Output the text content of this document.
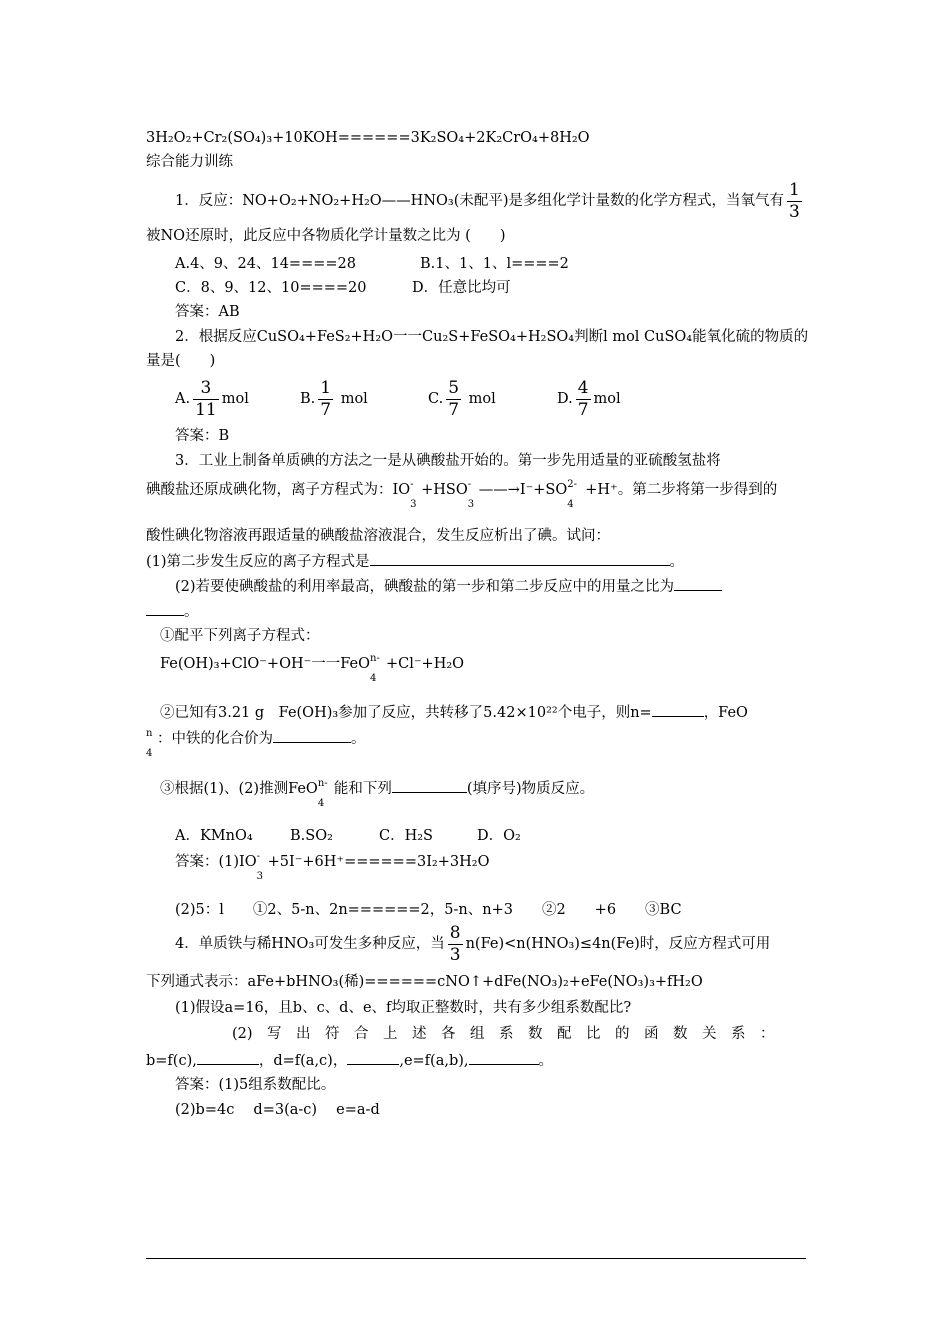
3H₂O₂+Cr₂(SO₄)₃+10KOH======3K₂SO₄+2K₂CrO₄+8H₂O
综合能力训练
1．反应：NO+O₂+NO₂+H₂O——HNO₃(未配平)是多组化学计量数的化学方程式，当氧气有 $\frac{1}{3}$
被NO还原时，此反应中各物质化学计量数之比为 (　　)
A.4、9、24、14====28	B.1、1、1、l====2
C．8、9、12、10====20	D．任意比均可
答案：AB
2．根据反应CuSO₄+FeS₂+H₂O一一Cu₂S+FeSO₄+H₂SO₄判断l mol CuSO₄能氧化硫的物质的
量是(　　)
A. $\frac{3}{11}$ mol	B. $\frac{1}{7}$ mol	C. $\frac{5}{7}$ mol	D. $\frac{4}{7}$ mol
答案：B
3．工业上制备单质碘的方法之一是从碘酸盐开始的。第一步先用适量的亚硫酸氢盐将
碘酸盐还原成碘化物，离子方程式为：IO -
3
+HSO -
3
——→I⁻+SO 2-
4
+H⁺。第二步将第一步得到的
酸性碘化物溶液再跟适量的碘酸盐溶液混合，发生反应析出了碘。试问：
(1)第二步发生反应的离子方程式是	。
(2)若要使碘酸盐的利用率最高，碘酸盐的第一步和第二步反应中的用量之比为
。
①配平下列离子方程式：
Fe(OH)₃+ClO⁻+OH⁻一一FeO n-
4
+Cl⁻+H₂O
②已知有3.21 g　Fe(OH)₃参加了反应，共转移了5.42×10²²个电子，则n=	，FeO
n
4
：中铁的化合价为	。
③根据(1)、(2)推测FeO n-
4
能和下列	(填序号)物质反应。
A．KMnO₄	B.SO₂	C．H₂S	D．O₂
答案：(1)IO -
3
+5I⁻+6H⁺======3I₂+3H₂O
(2)5：l　　①2、5-n、2n======2，5-n、n+3　　②2　　+6　　③BC
4．单质铁与稀HNO₃可发生多种反应，当 $\frac{8}{3} n(Fe)<n(HNO_3)\le 4n(Fe)$时，反应方程式可用
下列通式表示：aFe+bHNO₃(稀)======cNO↑+dFe(NO₃)₂+eFe(NO₃)₃+fH₂O
(1)假设a=16，且b、c、d、e、f均取正整数时，共有多少组系数配比?
(2)　写　出　符　合　上　述　各　组　系　数　配　比　的　函　数　关　系　：
b=f(c),	，d=f(a,c)，	,e=f(a,b),	。
答案：(1)5组系数配比。
(2)b=4c　 d=3(a-c)　 e=a-d
